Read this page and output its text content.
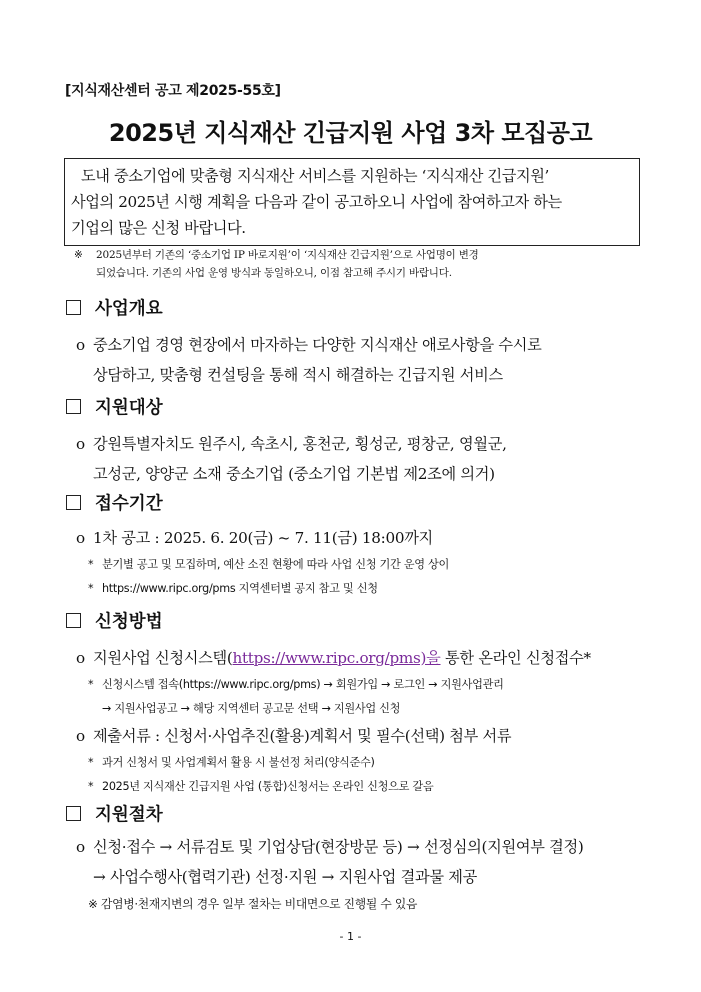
[지식재산센터 공고 제2025-55호]
2025년 지식재산 긴급지원 사업 3차 모집공고
도내 중소기업에 맞춤형 지식재산 서비스를 지원하는 ‘지식재산 긴급지원’
사업의 2025년 시행 계획을 다음과 같이 공고하오니 사업에 참여하고자 하는
기업의 많은 신청 바랍니다.
※ 2025년부터 기존의 ‘중소기업 IP 바로지원’이 ‘지식재산 긴급지원’으로 사업명이 변경
되었습니다. 기존의 사업 운영 방식과 동일하오니, 이점 참고해 주시기 바랍니다.
사업개요
o 중소기업 경영 현장에서 마자하는 다양한 지식재산 애로사항을 수시로
상담하고, 맞춤형 컨설팅을 통해 적시 해결하는 긴급지원 서비스
지원대상
o 강원특별자치도 원주시, 속초시, 홍천군, 횡성군, 평창군, 영월군,
고성군, 양양군 소재 중소기업 (중소기업 기본법 제2조에 의거)
접수기간
o 1차 공고 : 2025. 6. 20(금) ~ 7. 11(금) 18:00까지
* 분기별 공고 및 모집하며, 예산 소진 현황에 따라 사업 신청 기간 운영 상이
* https://www.ripc.org/pms 지역센터별 공지 참고 및 신청
신청방법
o 지원사업 신청시스템(https://www.ripc.org/pms)을 통한 온라인 신청접수*
* 신청시스템 접속(https://www.ripc.org/pms) → 회원가입 → 로그인 → 지원사업관리
→ 지원사업공고 → 해당 지역센터 공고문 선택 → 지원사업 신청
o 제출서류 : 신청서·사업추진(활용)계획서 및 필수(선택) 첨부 서류
* 과거 신청서 및 사업계획서 활용 시 불선정 처리(양식준수)
* 2025년 지식재산 긴급지원 사업 (통합)신청서는 온라인 신청으로 갈음
지원절차
o 신청·접수 → 서류검토 및 기업상담(현장방문 등) → 선정심의(지원여부 결정)
→ 사업수행사(협력기관) 선정·지원 → 지원사업 결과물 제공
※ 감염병·천재지변의 경우 일부 절차는 비대면으로 진행될 수 있음
- 1 -
